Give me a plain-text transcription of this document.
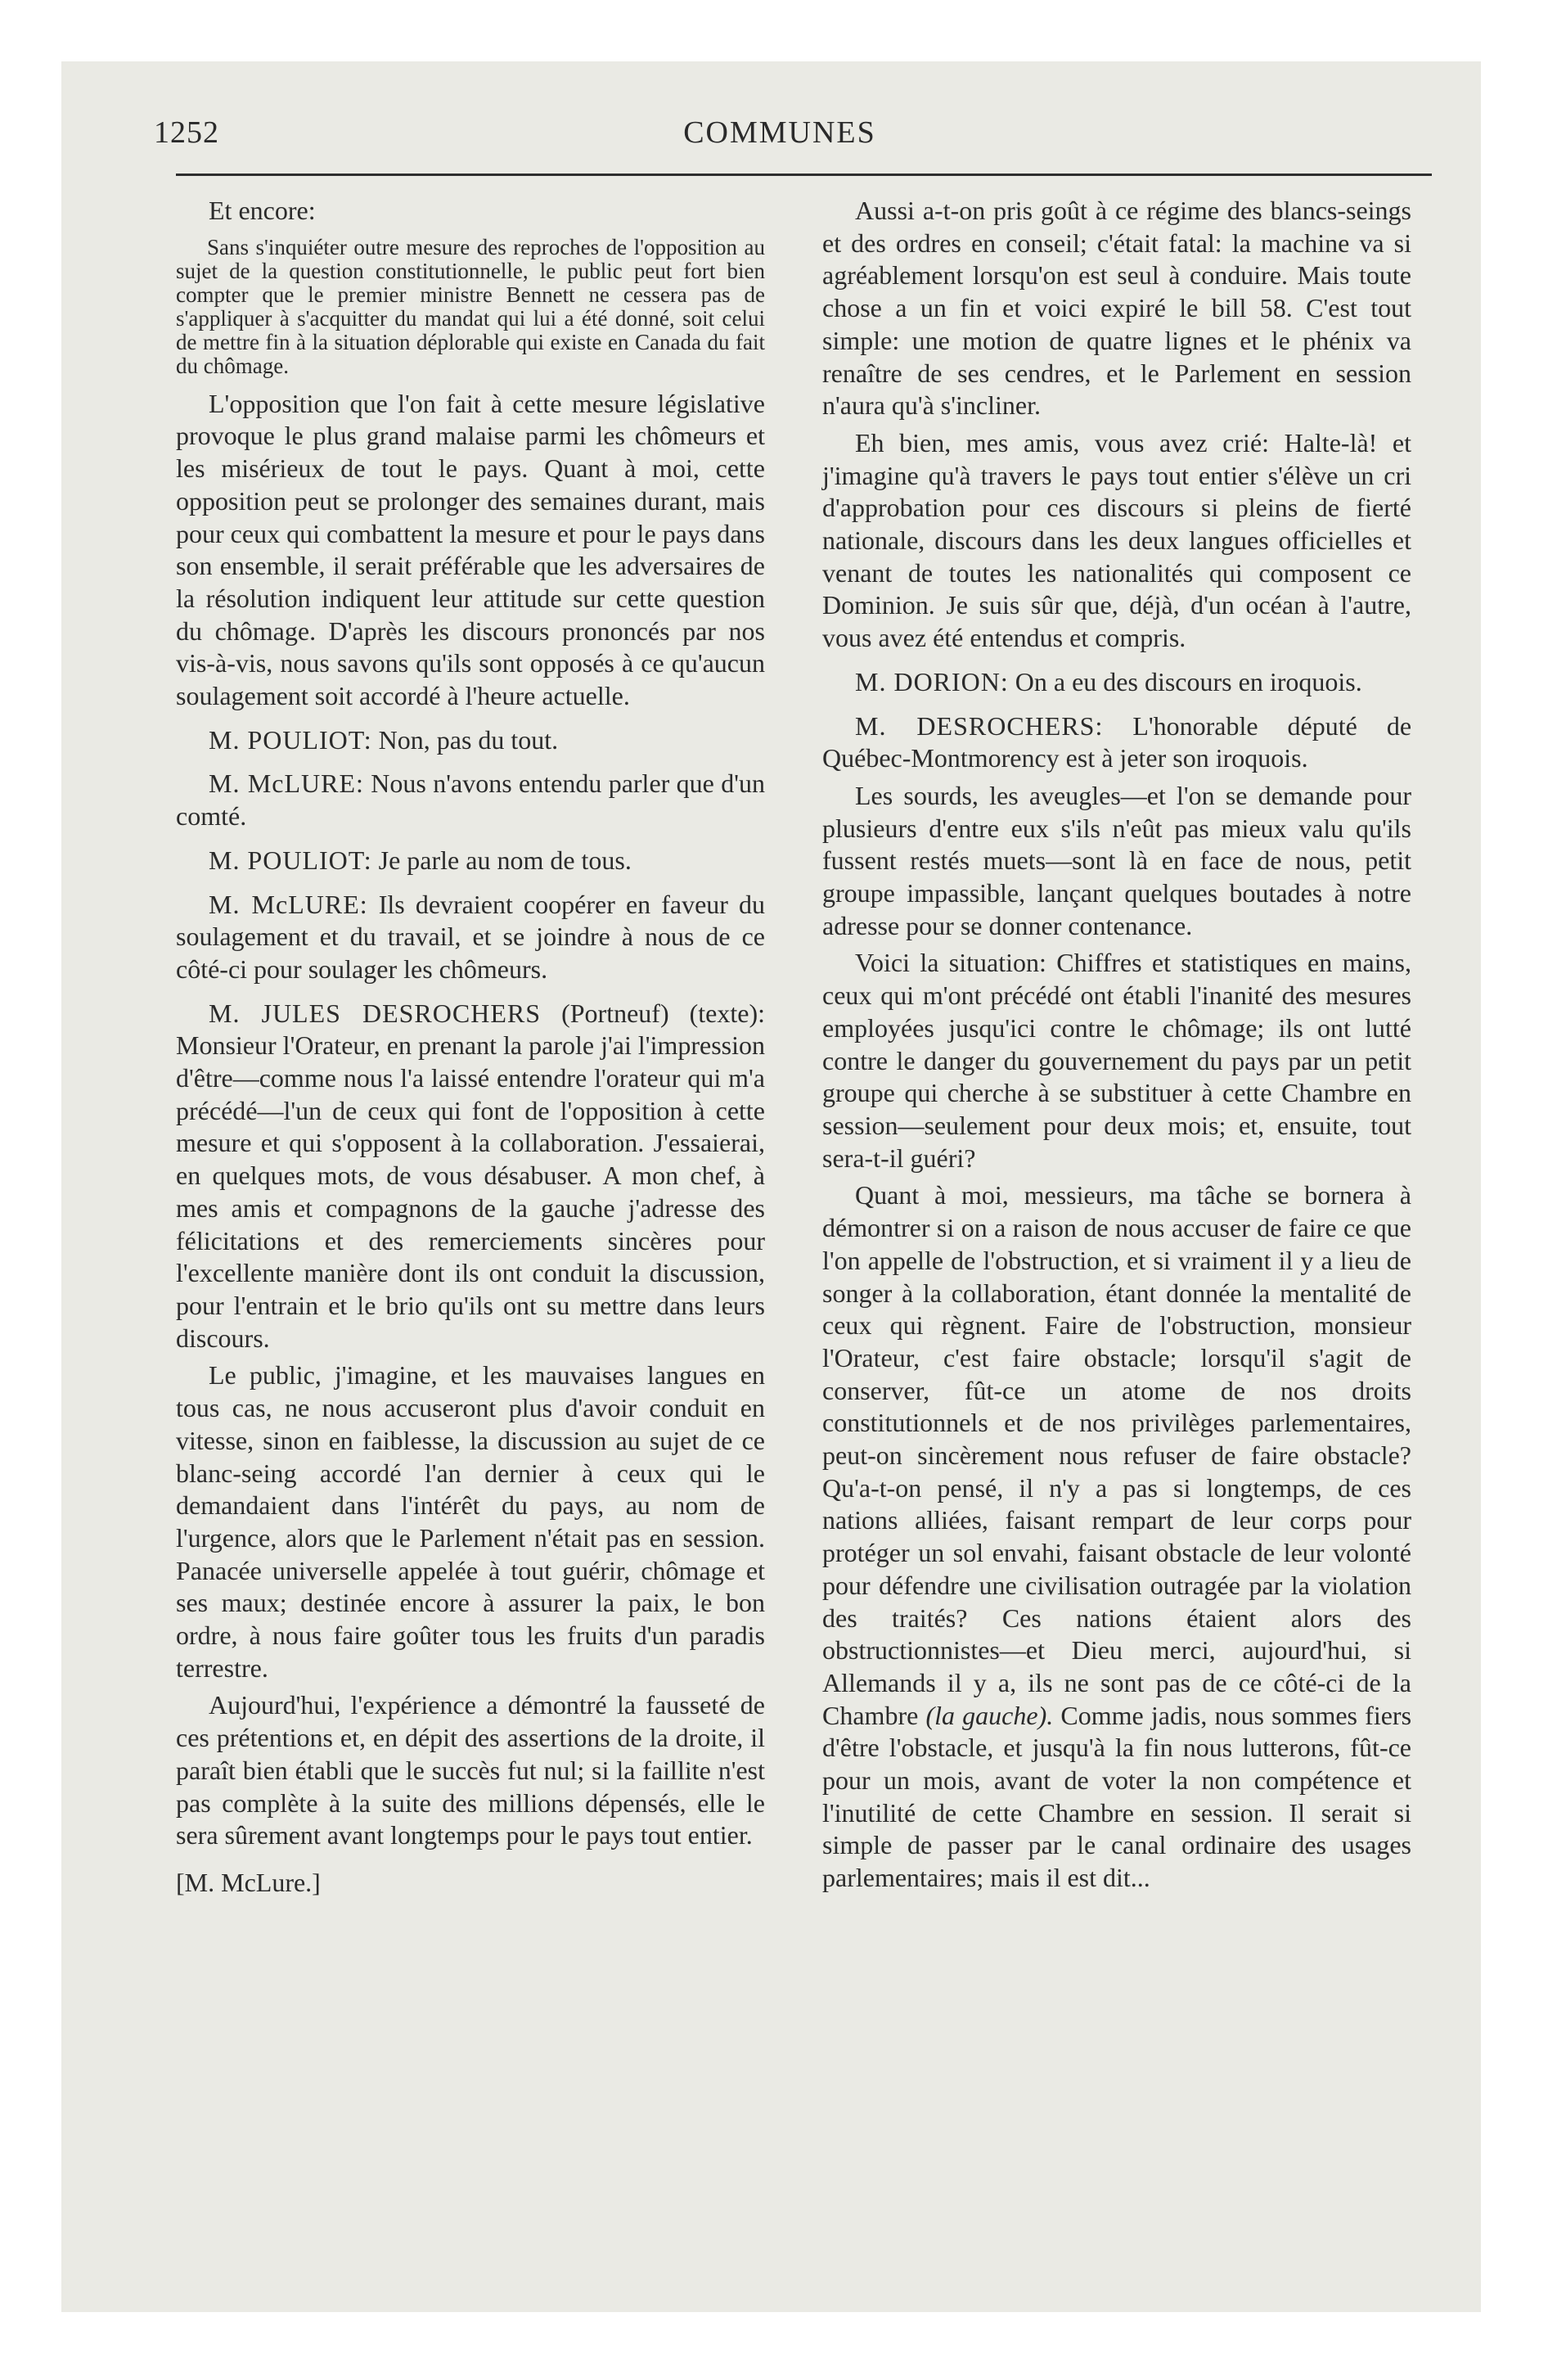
1252	COMMUNES

Et encore:

Sans s'inquiéter outre mesure des reproches de l'opposition au sujet de la question constitutionnelle, le public peut fort bien compter que le premier ministre Bennett ne cessera pas de s'appliquer à s'acquitter du mandat qui lui a été donné, soit celui de mettre fin à la situation déplorable qui existe en Canada du fait du chômage.

L'opposition que l'on fait à cette mesure législative provoque le plus grand malaise parmi les chômeurs et les misérieux de tout le pays. Quant à moi, cette opposition peut se prolonger des semaines durant, mais pour ceux qui combattent la mesure et pour le pays dans son ensemble, il serait préférable que les adversaires de la résolution indiquent leur attitude sur cette question du chômage. D'après les discours prononcés par nos vis-à-vis, nous savons qu'ils sont opposés à ce qu'aucun soulagement soit accordé à l'heure actuelle.

M. POULIOT: Non, pas du tout.

M. McLURE: Nous n'avons entendu parler que d'un comté.

M. POULIOT: Je parle au nom de tous.

M. McLURE: Ils devraient coopérer en faveur du soulagement et du travail, et se joindre à nous de ce côté-ci pour soulager les chômeurs.

M. JULES DESROCHERS (Portneuf) (texte): Monsieur l'Orateur, en prenant la parole j'ai l'impression d'être—comme nous l'a laissé entendre l'orateur qui m'a précédé—l'un de ceux qui font de l'opposition à cette mesure et qui s'opposent à la collaboration. J'essaierai, en quelques mots, de vous désabuser. A mon chef, à mes amis et compagnons de la gauche j'adresse des félicitations et des remerciements sincères pour l'excellente manière dont ils ont conduit la discussion, pour l'entrain et le brio qu'ils ont su mettre dans leurs discours.

Le public, j'imagine, et les mauvaises langues en tous cas, ne nous accuseront plus d'avoir conduit en vitesse, sinon en faiblesse, la discussion au sujet de ce blanc-seing accordé l'an dernier à ceux qui le demandaient dans l'intérêt du pays, au nom de l'urgence, alors que le Parlement n'était pas en session. Panacée universelle appelée à tout guérir, chômage et ses maux; destinée encore à assurer la paix, le bon ordre, à nous faire goûter tous les fruits d'un paradis terrestre.

Aujourd'hui, l'expérience a démontré la fausseté de ces prétentions et, en dépit des assertions de la droite, il paraît bien établi que le succès fut nul; si la faillite n'est pas complète à la suite des millions dépensés, elle le sera sûrement avant longtemps pour le pays tout entier.

[M. McLure.]

Aussi a-t-on pris goût à ce régime des blancs-seings et des ordres en conseil; c'était fatal: la machine va si agréablement lorsqu'on est seul à conduire. Mais toute chose a un fin et voici expiré le bill 58. C'est tout simple: une motion de quatre lignes et le phénix va renaître de ses cendres, et le Parlement en session n'aura qu'à s'incliner.

Eh bien, mes amis, vous avez crié: Halte-là! et j'imagine qu'à travers le pays tout entier s'élève un cri d'approbation pour ces discours si pleins de fierté nationale, discours dans les deux langues officielles et venant de toutes les nationalités qui composent ce Dominion. Je suis sûr que, déjà, d'un océan à l'autre, vous avez été entendus et compris.

M. DORION: On a eu des discours en iroquois.

M. DESROCHERS: L'honorable député de Québec-Montmorency est à jeter son iroquois.

Les sourds, les aveugles—et l'on se demande pour plusieurs d'entre eux s'ils n'eût pas mieux valu qu'ils fussent restés muets—sont là en face de nous, petit groupe impassible, lançant quelques boutades à notre adresse pour se donner contenance.

Voici la situation: Chiffres et statistiques en mains, ceux qui m'ont précédé ont établi l'inanité des mesures employées jusqu'ici contre le chômage; ils ont lutté contre le danger du gouvernement du pays par un petit groupe qui cherche à se substituer à cette Chambre en session—seulement pour deux mois; et, ensuite, tout sera-t-il guéri?

Quant à moi, messieurs, ma tâche se bornera à démontrer si on a raison de nous accuser de faire ce que l'on appelle de l'obstruction, et si vraiment il y a lieu de songer à la collaboration, étant donnée la mentalité de ceux qui règnent. Faire de l'obstruction, monsieur l'Orateur, c'est faire obstacle; lorsqu'il s'agit de conserver, fût-ce un atome de nos droits constitutionnels et de nos privilèges parlementaires, peut-on sincèrement nous refuser de faire obstacle? Qu'a-t-on pensé, il n'y a pas si longtemps, de ces nations alliées, faisant rempart de leur corps pour protéger un sol envahi, faisant obstacle de leur volonté pour défendre une civilisation outragée par la violation des traités? Ces nations étaient alors des obstructionnistes—et Dieu merci, aujourd'hui, si Allemands il y a, ils ne sont pas de ce côté-ci de la Chambre (la gauche). Comme jadis, nous sommes fiers d'être l'obstacle, et jusqu'à la fin nous lutterons, fût-ce pour un mois, avant de voter la non compétence et l'inutilité de cette Chambre en session. Il serait si simple de passer par le canal ordinaire des usages parlementaires; mais il est dit...
